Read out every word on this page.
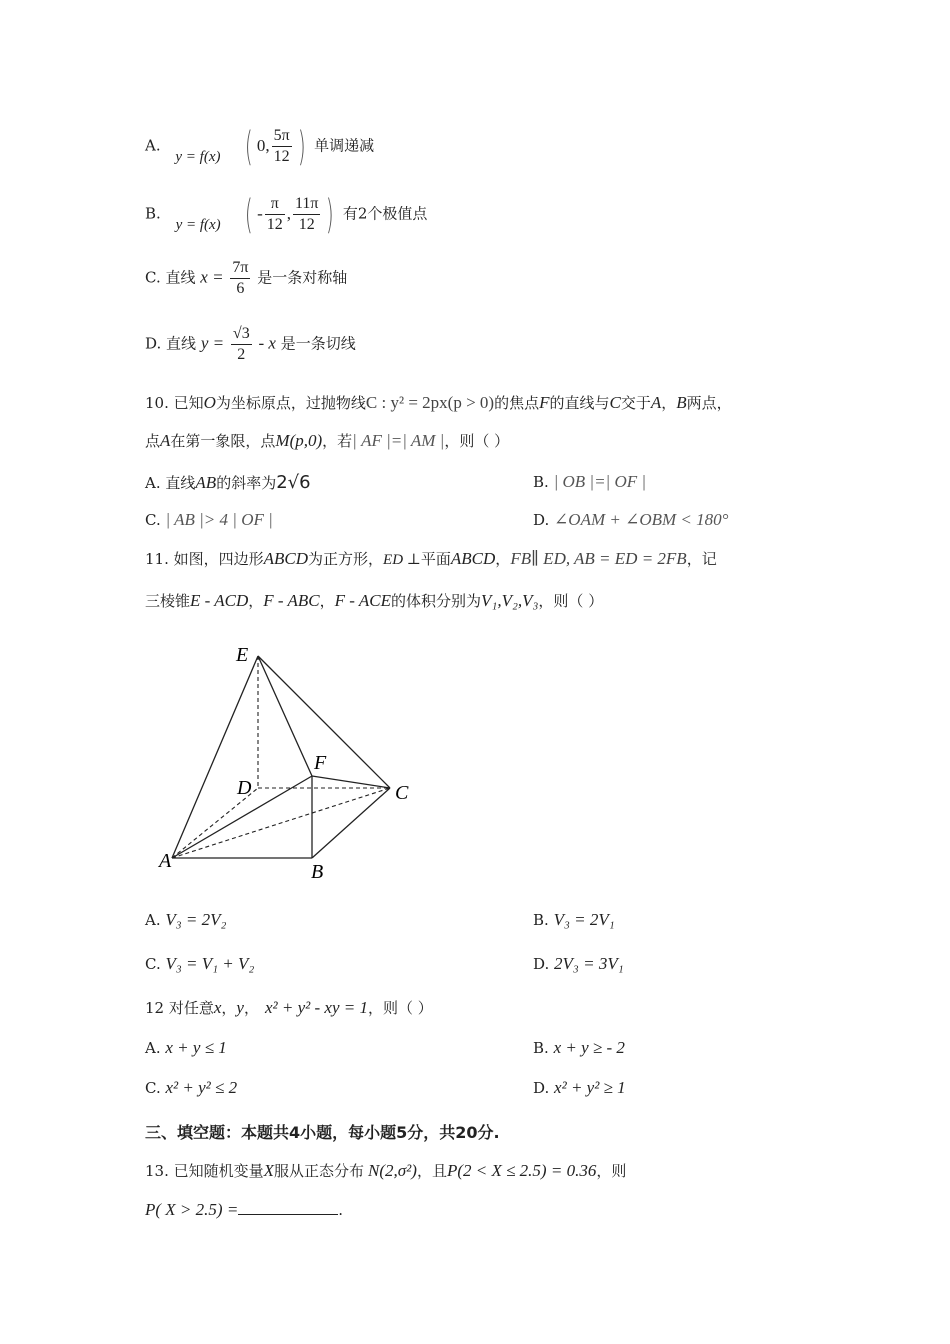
A. y = f(x) ( 0, $\frac{5\pi}{12}$ ) 单调递减
B. y = f(x) ( - $\frac{\pi}{12}$ , $\frac{11\pi}{12}$ ) 有2个极值点
C. 直线 $x = \frac{7\pi}{6}$ 是一条对称轴
D. 直线 $y = \frac{√3}{2} - x$ 是一条切线
10. 已知O为坐标原点，过抛物线C : y² = 2px(p > 0)的焦点F的直线与C交于A，B两点，
点A在第一象限，点M(p,0)，若| AF |=| AM |，则（ ）
A. 直线AB的斜率为2√6	B. | OB |=| OF |
C. | AB |> 4 | OF |	D. ∠OAM + ∠OBM < 180°
11. 如图，四边形ABCD为正方形，ED ⊥平面ABCD，FB∥ ED, AB = ED = 2FB，记
三棱锥E - ACD，F - ABC，F - ACE的体积分别为V₁,V₂,V₃，则（ ）
E
F
D	C
A	B
A. V₃ = 2V₂	B. V₃ = 2V₁
C. V₃ = V₁ + V₂	D. 2V₃ = 3V₁
12 对任意x，y， x² + y² - xy = 1，则（ ）
A. x + y ≤ 1	B. x + y ≥ - 2
C. x² + y² ≤ 2	D. x² + y² ≥ 1
三、填空题：本题共4小题，每小题5分，共20分.
13. 已知随机变量X服从正态分布 N(2,σ²)，且P(2 < X ≤ 2.5) = 0.36，则
P( X > 2.5) =	.
